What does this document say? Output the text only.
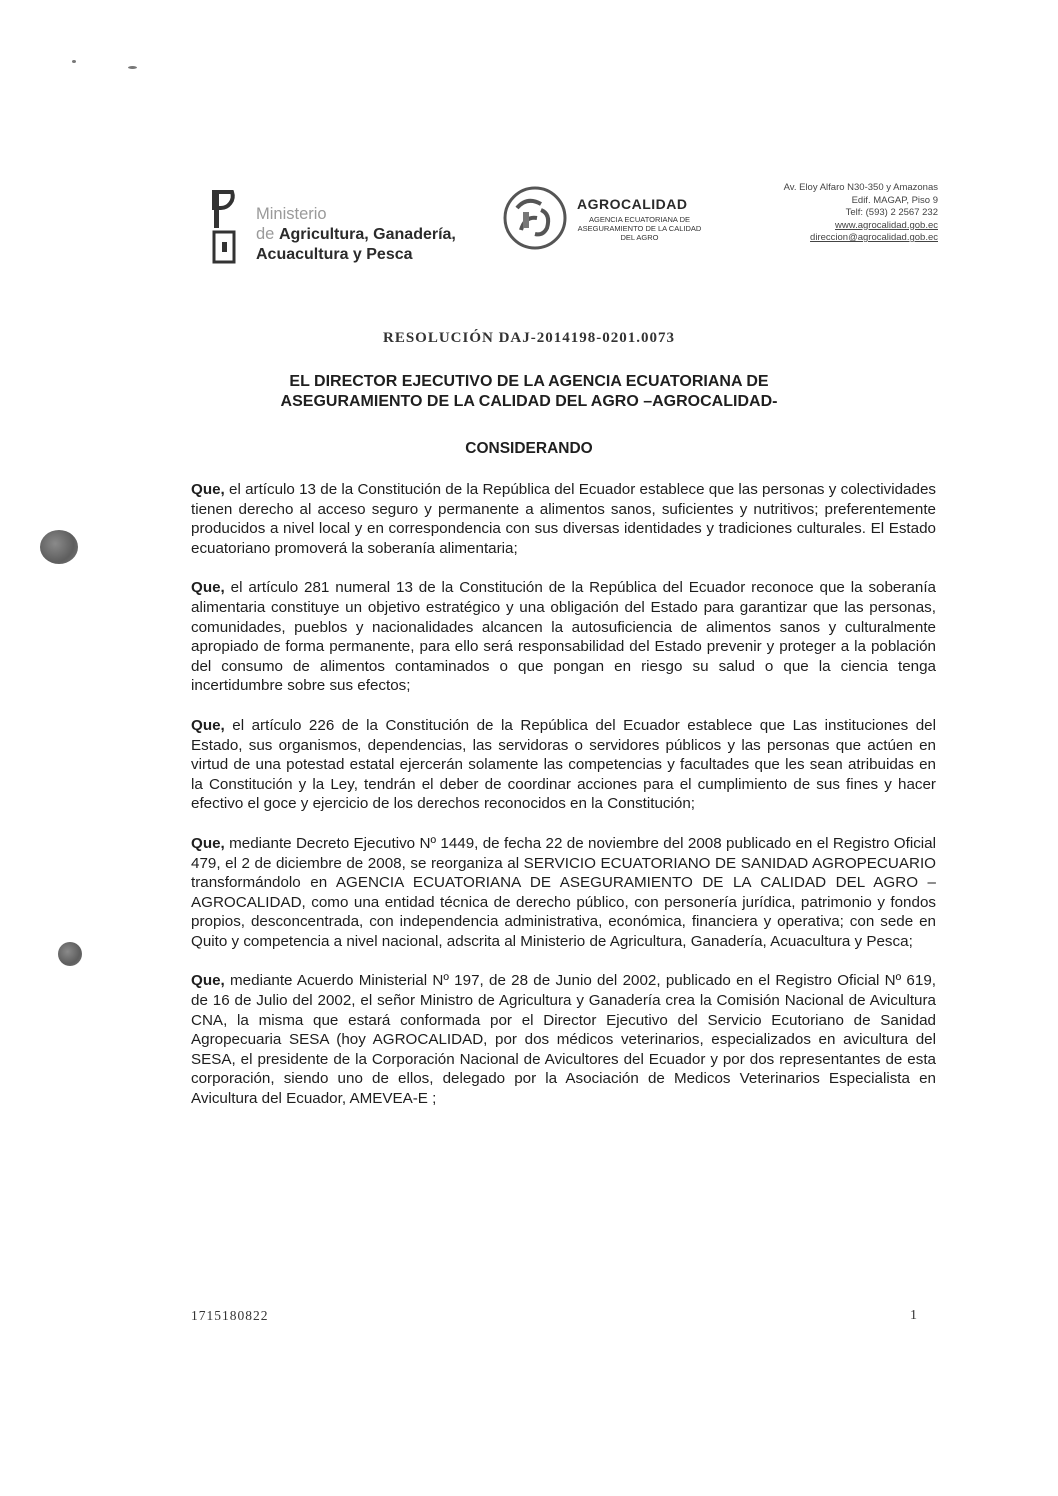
Ministerio
de Agricultura, Ganadería,
Acuacultura y Pesca
AGROCALIDAD
AGENCIA ECUATORIANA DE ASEGURAMIENTO DE LA CALIDAD DEL AGRO
Av. Eloy Alfaro N30-350 y Amazonas
Edif. MAGAP, Piso 9
Telf: (593) 2 2567 232
www.agrocalidad.gob.ec
direccion@agrocalidad.gob.ec
RESOLUCIÓN DAJ-2014198-0201.0073
EL DIRECTOR EJECUTIVO DE LA AGENCIA ECUATORIANA DE
ASEGURAMIENTO DE LA CALIDAD DEL AGRO –AGROCALIDAD-
CONSIDERANDO

Que, el artículo 13 de la Constitución de la República del Ecuador establece que las personas y colectividades tienen derecho al acceso seguro y permanente a alimentos sanos, suficientes y nutritivos; preferentemente producidos a nivel local y en correspondencia con sus diversas identidades y tradiciones culturales. El Estado ecuatoriano promoverá la soberanía alimentaria;

Que, el artículo 281 numeral 13 de la Constitución de la República del Ecuador reconoce que la soberanía alimentaria constituye un objetivo estratégico y una obligación del Estado para garantizar que las personas, comunidades, pueblos y nacionalidades alcancen la autosuficiencia de alimentos sanos y culturalmente apropiado de forma permanente, para ello será responsabilidad del Estado prevenir y proteger a la población del consumo de alimentos contaminados o que pongan en riesgo su salud o que la ciencia tenga incertidumbre sobre sus efectos;

Que, el artículo 226 de la Constitución de la República del Ecuador establece que Las instituciones del Estado, sus organismos, dependencias, las servidoras o servidores públicos y las personas que actúen en virtud de una potestad estatal ejercerán solamente las competencias y facultades que les sean atribuidas en la Constitución y la Ley, tendrán el deber de coordinar acciones para el cumplimiento de sus fines y hacer efectivo el goce y ejercicio de los derechos reconocidos en la Constitución;

Que, mediante Decreto Ejecutivo Nº 1449, de fecha 22 de noviembre del 2008 publicado en el Registro Oficial 479, el 2 de diciembre de 2008, se reorganiza al SERVICIO ECUATORIANO DE SANIDAD AGROPECUARIO transformándolo en AGENCIA ECUATORIANA DE ASEGURAMIENTO DE LA CALIDAD DEL AGRO – AGROCALIDAD, como una entidad técnica de derecho público, con personería jurídica, patrimonio y fondos propios, desconcentrada, con independencia administrativa, económica, financiera y operativa; con sede en Quito y competencia a nivel nacional, adscrita al Ministerio de Agricultura, Ganadería, Acuacultura y Pesca;

Que, mediante Acuerdo Ministerial Nº 197, de 28 de Junio del 2002, publicado en el Registro Oficial Nº 619, de 16 de Julio del 2002, el señor Ministro de Agricultura y Ganadería crea la Comisión Nacional de Avicultura CNA, la misma que estará conformada por el Director Ejecutivo del Servicio Ecutoriano de Sanidad Agropecuaria SESA (hoy AGROCALIDAD, por dos médicos veterinarios, especializados en avicultura del SESA, el presidente de la Corporación Nacional de Avicultores del Ecuador y por dos representantes de esta corporación, siendo uno de ellos, delegado por la Asociación de Medicos Veterinarios Especialista en Avicultura del Ecuador, AMEVEA-E ;

1715180822	1
